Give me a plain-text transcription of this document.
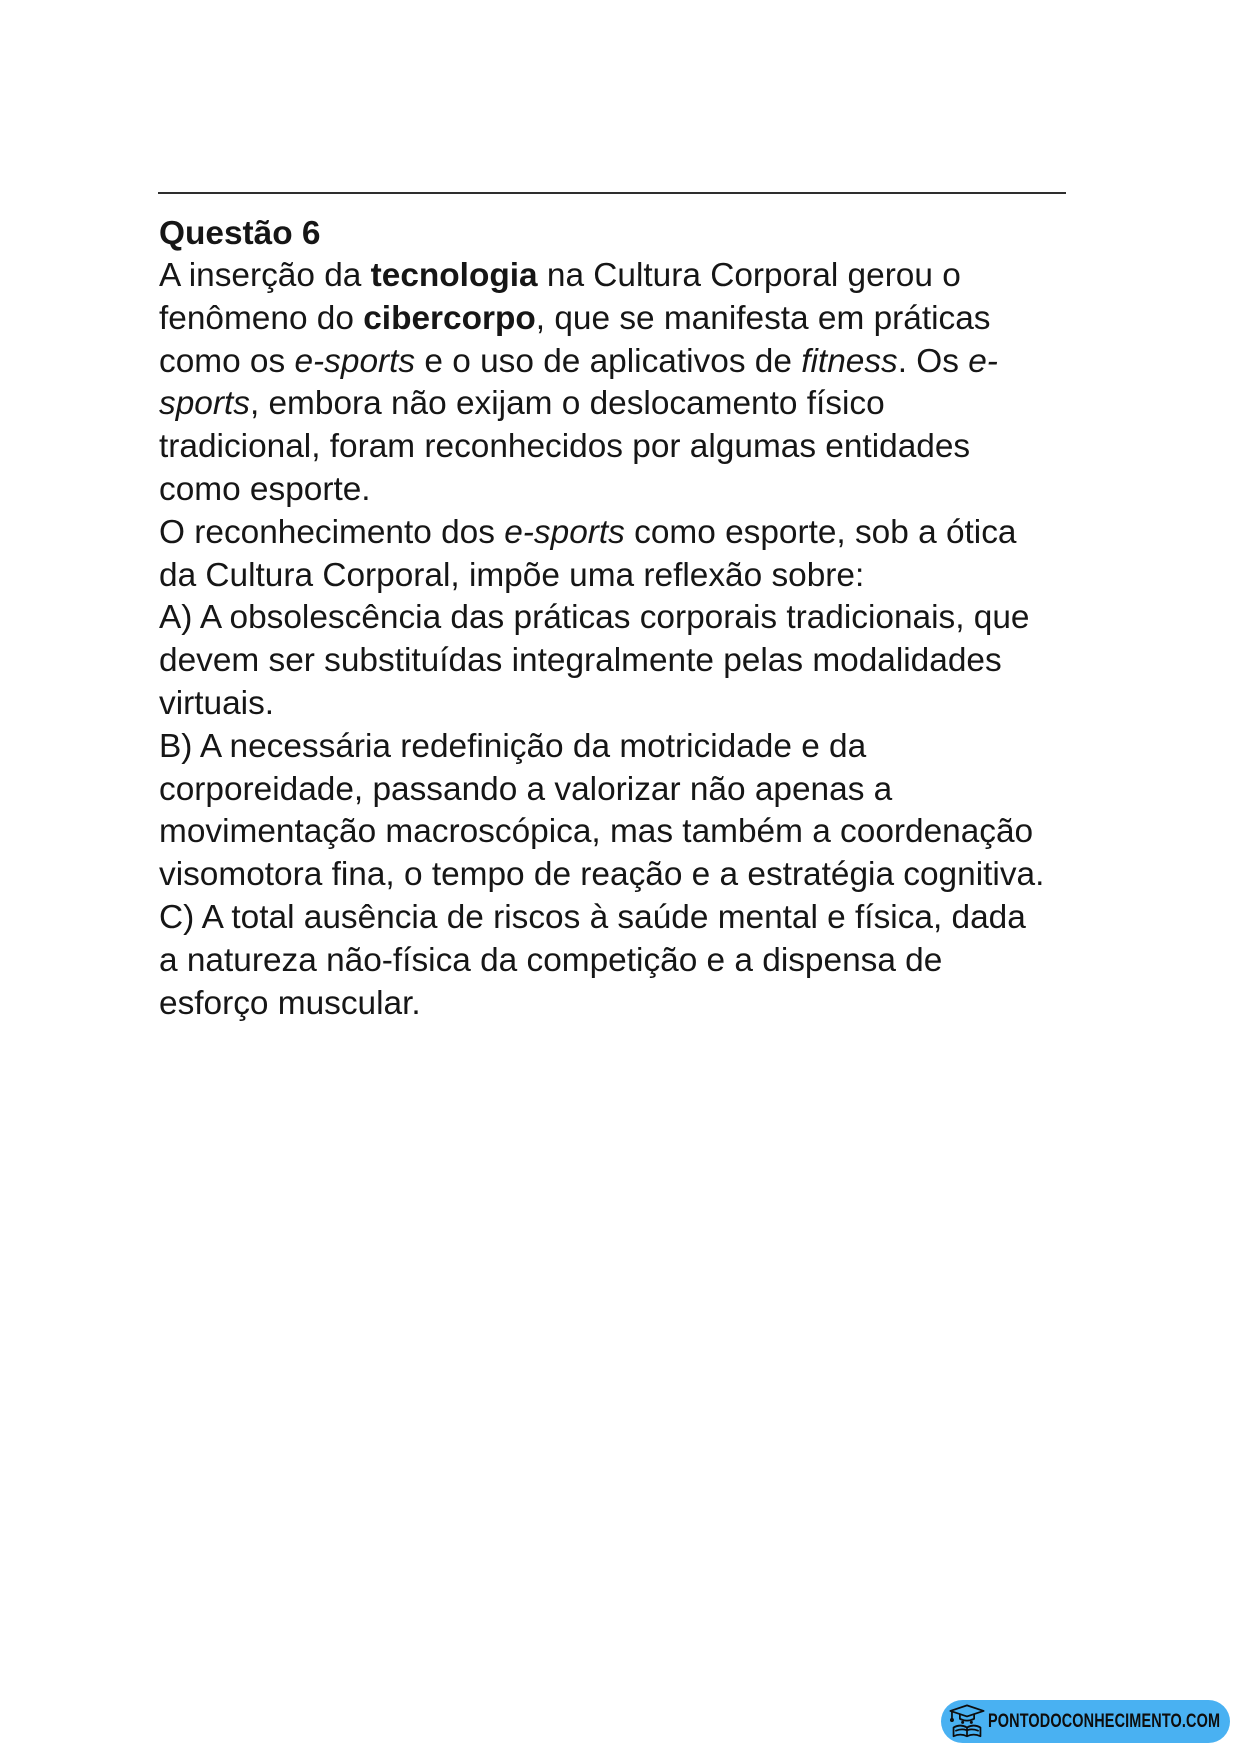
Questão 6

A inserção da tecnologia na Cultura Corporal gerou o fenômeno do cibercorpo, que se manifesta em práticas como os e-sports e o uso de aplicativos de fitness. Os e-sports, embora não exijam o deslocamento físico tradicional, foram reconhecidos por algumas entidades como esporte.

O reconhecimento dos e-sports como esporte, sob a ótica da Cultura Corporal, impõe uma reflexão sobre:

A) A obsolescência das práticas corporais tradicionais, que devem ser substituídas integralmente pelas modalidades virtuais.

B) A necessária redefinição da motricidade e da corporeidade, passando a valorizar não apenas a movimentação macroscópica, mas também a coordenação visomotora fina, o tempo de reação e a estratégia cognitiva.

C) A total ausência de riscos à saúde mental e física, dada a natureza não-física da competição e a dispensa de esforço muscular.

PONTODOCONHECIMENTO.COM
